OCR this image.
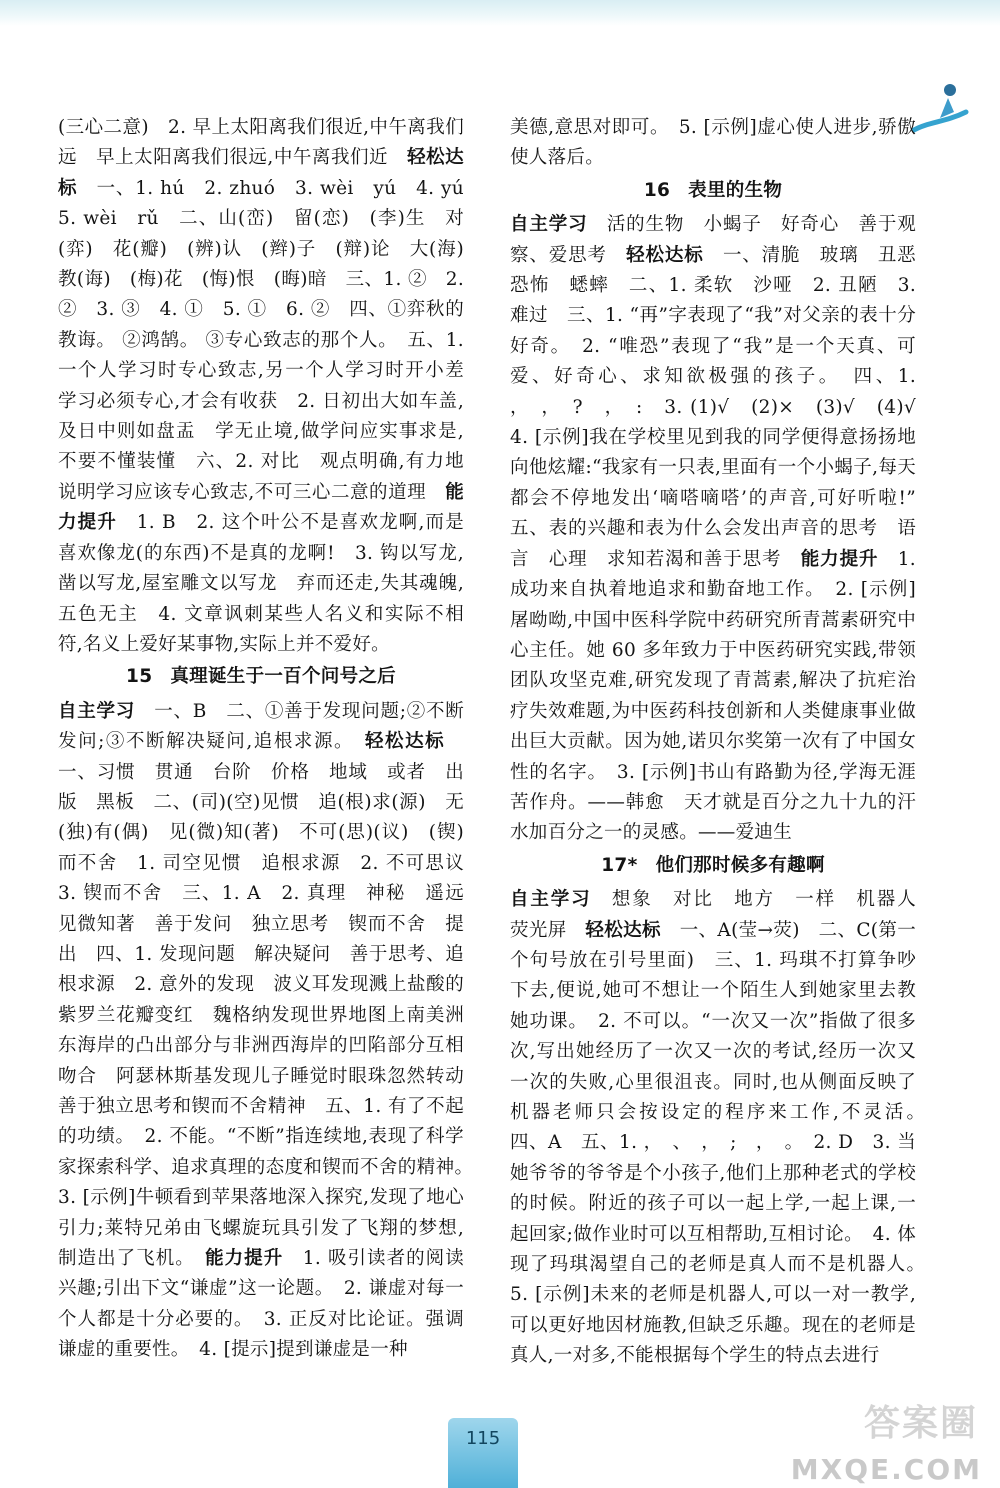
(三心二意)　2. 早上太阳离我们很近,中午离我们远　早上太阳离我们很远,中午离我们近　轻松达标　一、1. hú　2. zhuó　3. wèi　yú　4. yú　5. wèi　rǔ　二、山(峦)　留(恋)　(李)生　对(弈)　花(瓣)　(辨)认　(辫)子　(辩)论　大(海)　教(诲)　(梅)花　(悔)恨　(晦)暗　三、1. ②　2. ②　3. ③　4. ①　5. ①　6. ②　四、①弈秋的教诲。 ②鸿鹄。 ③专心致志的那个人。　五、1. 一个人学习时专心致志,另一个人学习时开小差　学习必须专心,才会有收获　2. 日初出大如车盖,及日中则如盘盂　学无止境,做学问应实事求是,不要不懂装懂　六、2. 对比　观点明确,有力地说明学习应该专心致志,不可三心二意的道理　能力提升　1. B　2. 这个叶公不是喜欢龙啊,而是喜欢像龙(的东西)不是真的龙啊!　3. 钩以写龙,凿以写龙,屋室雕文以写龙　弃而还走,失其魂魄,五色无主　4. 文章讽刺某些人名义和实际不相符,名义上爱好某事物,实际上并不爱好。

15 真理诞生于一百个问号之后

自主学习　一、B　二、①善于发现问题;②不断发问;③不断解决疑问,追根求源。　轻松达标　一、习惯　贯通　台阶　价格　地域　或者　出版　黑板　二、(司)(空)见惯　追(根)求(源)　无(独)有(偶)　见(微)知(著)　不可(思)(议)　(锲)而不舍　1. 司空见惯　追根求源　2. 不可思议　3. 锲而不舍　三、1. A　2. 真理　神秘　遥远　见微知著　善于发问　独立思考　锲而不舍　提出　四、1. 发现问题　解决疑问　善于思考、追根求源　2. 意外的发现　波义耳发现溅上盐酸的紫罗兰花瓣变红　魏格纳发现世界地图上南美洲东海岸的凸出部分与非洲西海岸的凹陷部分互相吻合　阿瑟林斯基发现儿子睡觉时眼珠忽然转动　善于独立思考和锲而不舍精神　五、1. 有了不起的功绩。　2. 不能。“不断”指连续地,表现了科学家探索科学、追求真理的态度和锲而不舍的精神。　3. [示例]牛顿看到苹果落地深入探究,发现了地心引力;莱特兄弟由飞螺旋玩具引发了飞翔的梦想,制造出了飞机。　能力提升　1. 吸引读者的阅读兴趣;引出下文“谦虚”这一论题。　2. 谦虚对每一个人都是十分必要的。　3. 正反对比论证。强调谦虚的重要性。　4. [提示]提到谦虚是一种

美德,意思对即可。　5. [示例]虚心使人进步,骄傲使人落后。

16 表里的生物

自主学习　活的生物　小蝎子　好奇心　善于观察、爱思考　轻松达标　一、清脆　玻璃　丑恶　恐怖　蟋蟀　二、1. 柔软　沙哑　2. 丑陋　3. 难过　三、1. “再”字表现了“我”对父亲的表十分好奇。　2. “唯恐”表现了“我”是一个天真、可爱、好奇心、求知欲极强的孩子。　四、1. ，　，　?　，　:　3. (1)√　(2)×　(3)√　(4)√　4. [示例]我在学校里见到我的同学便得意扬扬地向他炫耀:“我家有一只表,里面有一个小蝎子,每天都会不停地发出‘嘀嗒嘀嗒’的声音,可好听啦!”　五、表的兴趣和表为什么会发出声音的思考　语言　心理　求知若渴和善于思考　能力提升　1. 成功来自执着地追求和勤奋地工作。　2. [示例]屠呦呦,中国中医科学院中药研究所青蒿素研究中心主任。她 60 多年致力于中医药研究实践,带领团队攻坚克难,研究发现了青蒿素,解决了抗疟治疗失效难题,为中医药科技创新和人类健康事业做出巨大贡献。因为她,诺贝尔奖第一次有了中国女性的名字。　3. [示例]书山有路勤为径,学海无涯苦作舟。——韩愈　天才就是百分之九十九的汗水加百分之一的灵感。——爱迪生

17* 他们那时候多有趣啊

自主学习　想象　对比　地方　一样　机器人　荧光屏　轻松达标　一、A(莹→荧)　二、C(第一个句号放在引号里面)　三、1. 玛琪不打算争吵下去,便说,她可不想让一个陌生人到她家里去教她功课。　2. 不可以。“一次又一次”指做了很多次,写出她经历了一次又一次的考试,经历一次又一次的失败,心里很沮丧。同时,也从侧面反映了机器老师只会按设定的程序来工作,不灵活。　四、A　五、1. ，　、　，　;　，　。　2. D　3. 当她爷爷的爷爷是个小孩子,他们上那种老式的学校的时候。附近的孩子可以一起上学,一起上课,一起回家;做作业时可以互相帮助,互相讨论。　4. 体现了玛琪渴望自己的老师是真人而不是机器人。　5. [示例]未来的老师是机器人,可以一对一教学,可以更好地因材施教,但缺乏乐趣。现在的老师是真人,一对多,不能根据每个学生的特点去进行

115	答案圈
MXQE.COM
